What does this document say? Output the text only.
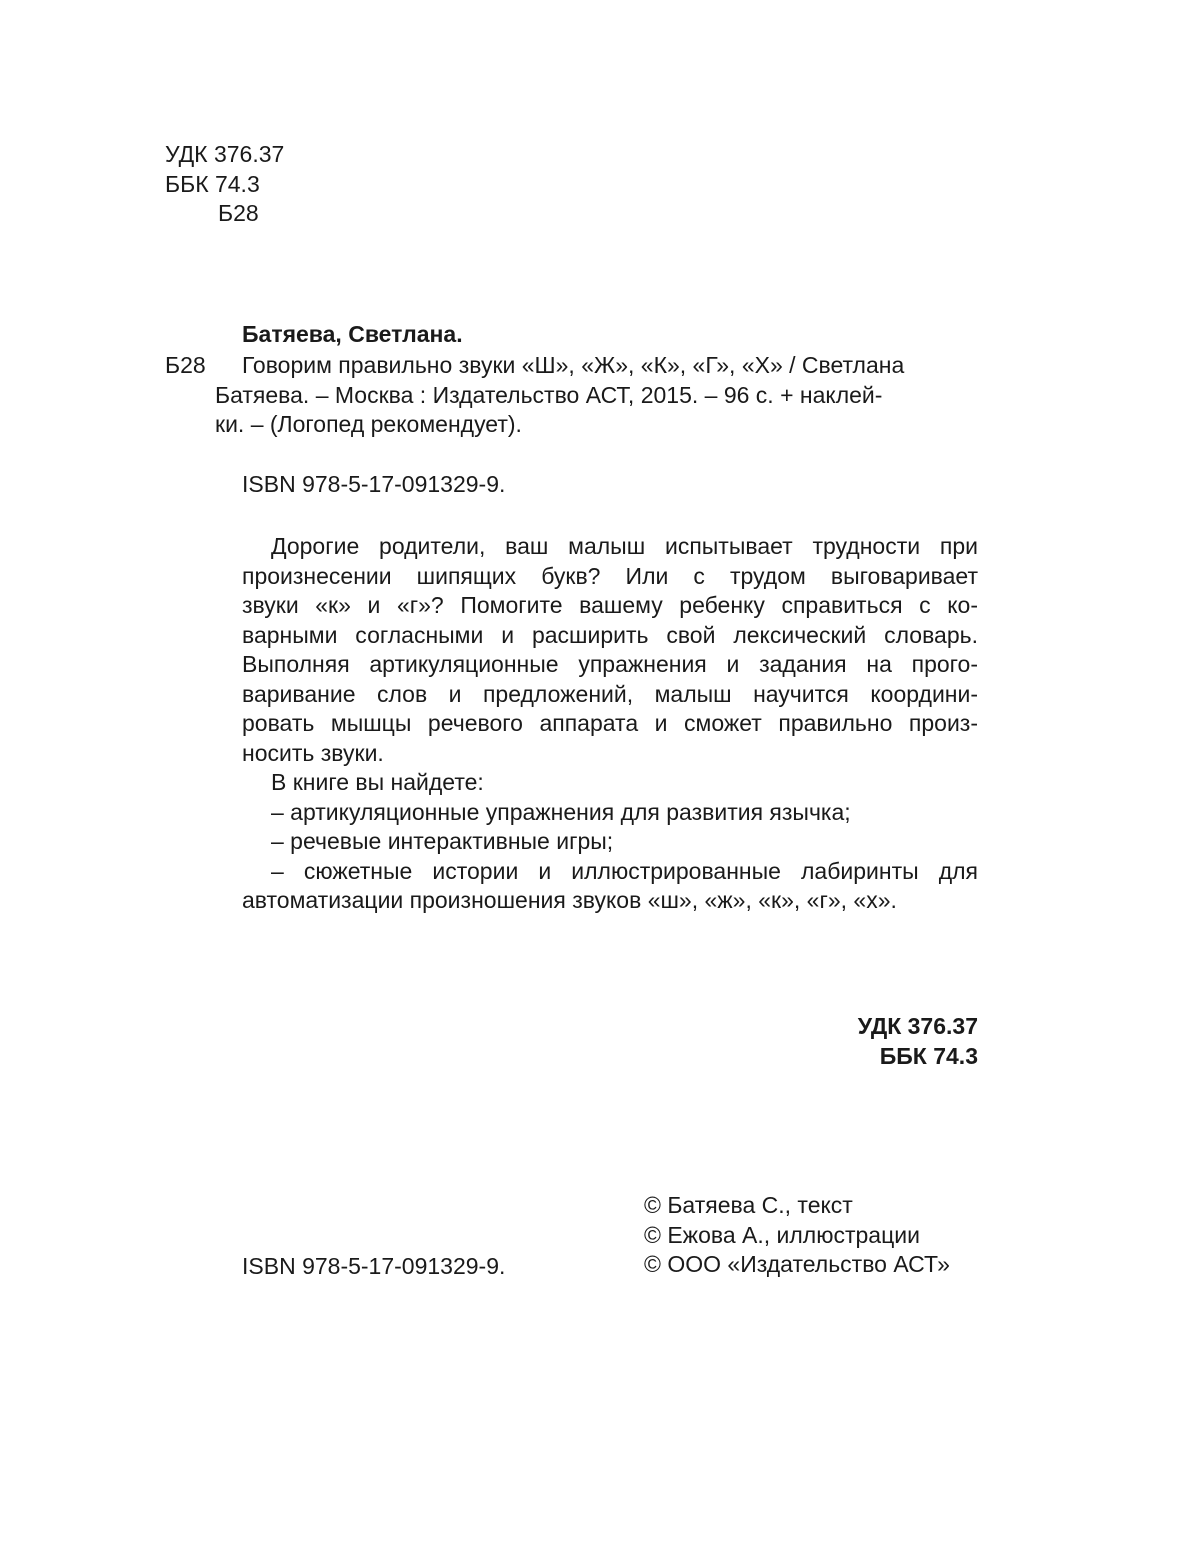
УДК 376.37
ББК 74.3
Б28
Батяева, Светлана.
Б28 Говорим правильно звуки «Ш», «Ж», «К», «Г», «Х» / Светлана
Батяева. – Москва : Издательство АСТ, 2015. – 96 с. + наклей-
ки. – (Логопед рекомендует).
ISBN 978-5-17-091329-9.
Дорогие родители, ваш малыш испытывает трудности при
произнесении шипящих букв? Или с трудом выговаривает
звуки «к» и «г»? Помогите вашему ребенку справиться с ко-
варными согласными и расширить свой лексический словарь.
Выполняя артикуляционные упражнения и задания на прого-
варивание слов и предложений, малыш научится координи-
ровать мышцы речевого аппарата и сможет правильно произ-
носить звуки.
В книге вы найдете:
– артикуляционные упражнения для развития язычка;
– речевые интерактивные игры;
– сюжетные истории и иллюстрированные лабиринты для
автоматизации произношения звуков «ш», «ж», «к», «г», «х».
УДК 376.37
ББК 74.3
© Батяева С., текст
© Ежова А., иллюстрации
© ООО «Издательство АСТ»
ISBN 978-5-17-091329-9.
